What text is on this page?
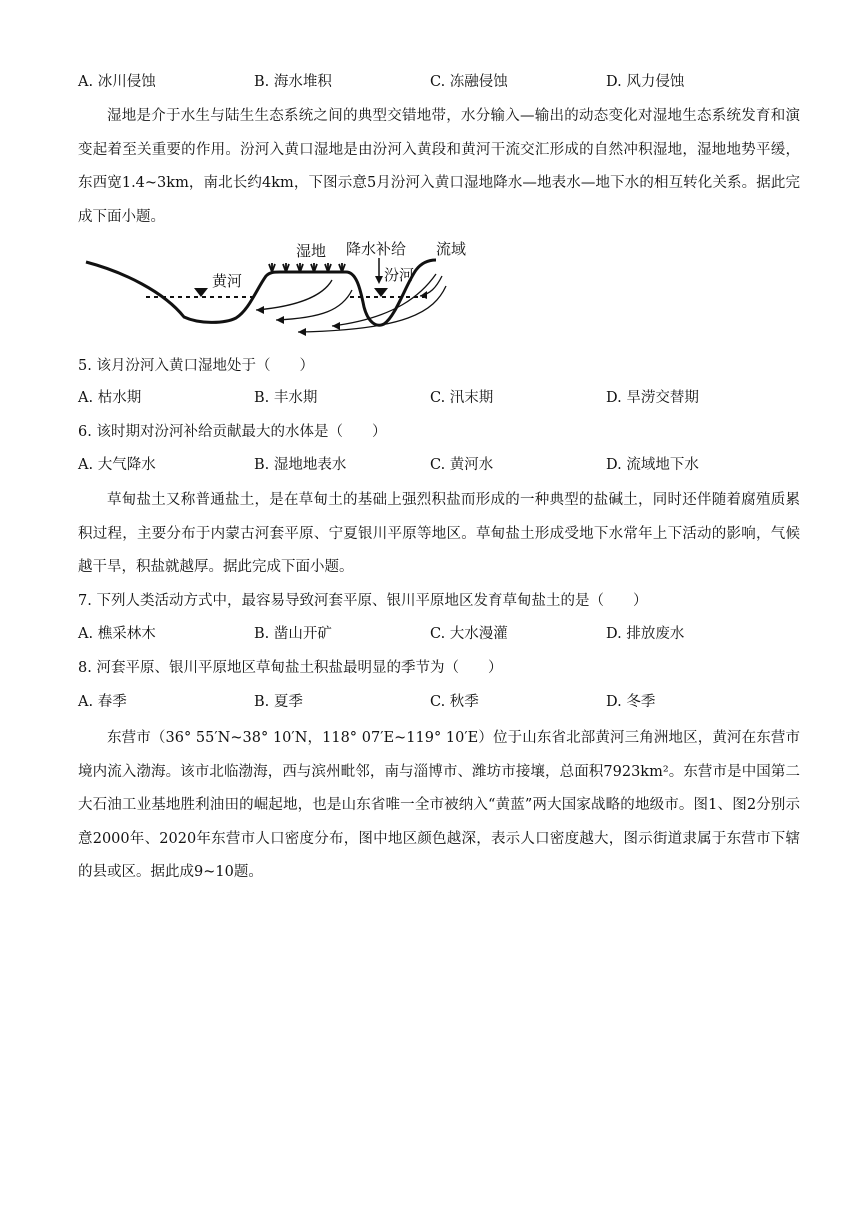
A. 冰川侵蚀	B. 海水堆积	C. 冻融侵蚀	D. 风力侵蚀

湿地是介于水生与陆生生态系统之间的典型交错地带，水分输入—输出的动态变化对湿地生态系统发育和演变起着至关重要的作用。汾河入黄口湿地是由汾河入黄段和黄河干流交汇形成的自然冲积湿地，湿地地势平缓，东西宽1.4~3km，南北长约4km，下图示意5月汾河入黄口湿地降水—地表水—地下水的相互转化关系。据此完成下面小题。

黄河	汾河
湿地 降水补给 流域
5. 该月汾河入黄口湿地处于（　　）
A. 枯水期	B. 丰水期	C. 汛末期	D. 旱涝交替期
6. 该时期对汾河补给贡献最大的水体是（　　）
A. 大气降水	B. 湿地地表水	C. 黄河水	D. 流域地下水

草甸盐土又称普通盐土，是在草甸土的基础上强烈积盐而形成的一种典型的盐碱土，同时还伴随着腐殖质累积过程，主要分布于内蒙古河套平原、宁夏银川平原等地区。草甸盐土形成受地下水常年上下活动的影响，气候越干旱，积盐就越厚。据此完成下面小题。

7. 下列人类活动方式中，最容易导致河套平原、银川平原地区发育草甸盐土的是（　　）
A. 樵采林木	B. 凿山开矿	C. 大水漫灌	D. 排放废水
8. 河套平原、银川平原地区草甸盐土积盐最明显的季节为（　　）
A. 春季	B. 夏季	C. 秋季	D. 冬季

东营市（36° 55′N~38° 10′N，118° 07′E~119° 10′E）位于山东省北部黄河三角洲地区，黄河在东营市境内流入渤海。该市北临渤海，西与滨州毗邻，南与淄博市、潍坊市接壤，总面积7923km²。东营市是中国第二大石油工业基地胜利油田的崛起地，也是山东省唯一全市被纳入“黄蓝”两大国家战略的地级市。图1、图2分别示意2000年、2020年东营市人口密度分布，图中地区颜色越深，表示人口密度越大，图示街道隶属于东营市下辖的县或区。据此成9~10题。
